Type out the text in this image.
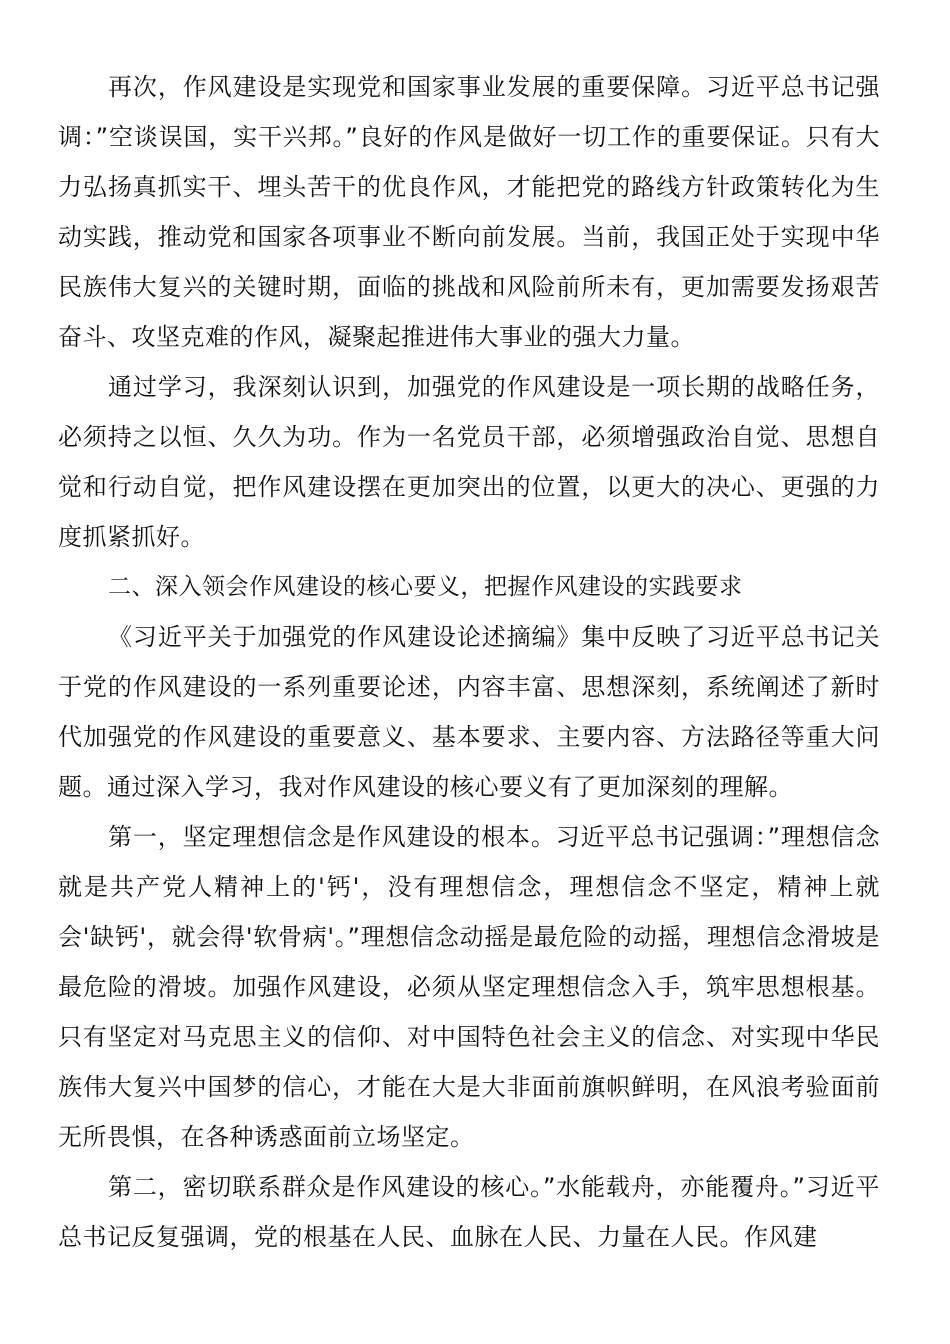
再次，作风建设是实现党和国家事业发展的重要保障。习近平总书记强调：”空谈误国，实干兴邦。”良好的作风是做好一切工作的重要保证。只有大力弘扬真抓实干、埋头苦干的优良作风，才能把党的路线方针政策转化为生动实践，推动党和国家各项事业不断向前发展。当前，我国正处于实现中华民族伟大复兴的关键时期，面临的挑战和风险前所未有，更加需要发扬艰苦奋斗、攻坚克难的作风，凝聚起推进伟大事业的强大力量。

通过学习，我深刻认识到，加强党的作风建设是一项长期的战略任务，必须持之以恒、久久为功。作为一名党员干部，必须增强政治自觉、思想自觉和行动自觉，把作风建设摆在更加突出的位置，以更大的决心、更强的力度抓紧抓好。

二、深入领会作风建设的核心要义，把握作风建设的实践要求

《习近平关于加强党的作风建设论述摘编》集中反映了习近平总书记关于党的作风建设的一系列重要论述，内容丰富、思想深刻，系统阐述了新时代加强党的作风建设的重要意义、基本要求、主要内容、方法路径等重大问题。通过深入学习，我对作风建设的核心要义有了更加深刻的理解。

第一，坚定理想信念是作风建设的根本。习近平总书记强调：”理想信念就是共产党人精神上的'钙'，没有理想信念，理想信念不坚定，精神上就会'缺钙'，就会得'软骨病'。”理想信念动摇是最危险的动摇，理想信念滑坡是最危险的滑坡。加强作风建设，必须从坚定理想信念入手，筑牢思想根基。只有坚定对马克思主义的信仰、对中国特色社会主义的信念、对实现中华民族伟大复兴中国梦的信心，才能在大是大非面前旗帜鲜明，在风浪考验面前无所畏惧，在各种诱惑面前立场坚定。

第二，密切联系群众是作风建设的核心。”水能载舟，亦能覆舟。”习近平总书记反复强调，党的根基在人民、血脉在人民、力量在人民。作风建
